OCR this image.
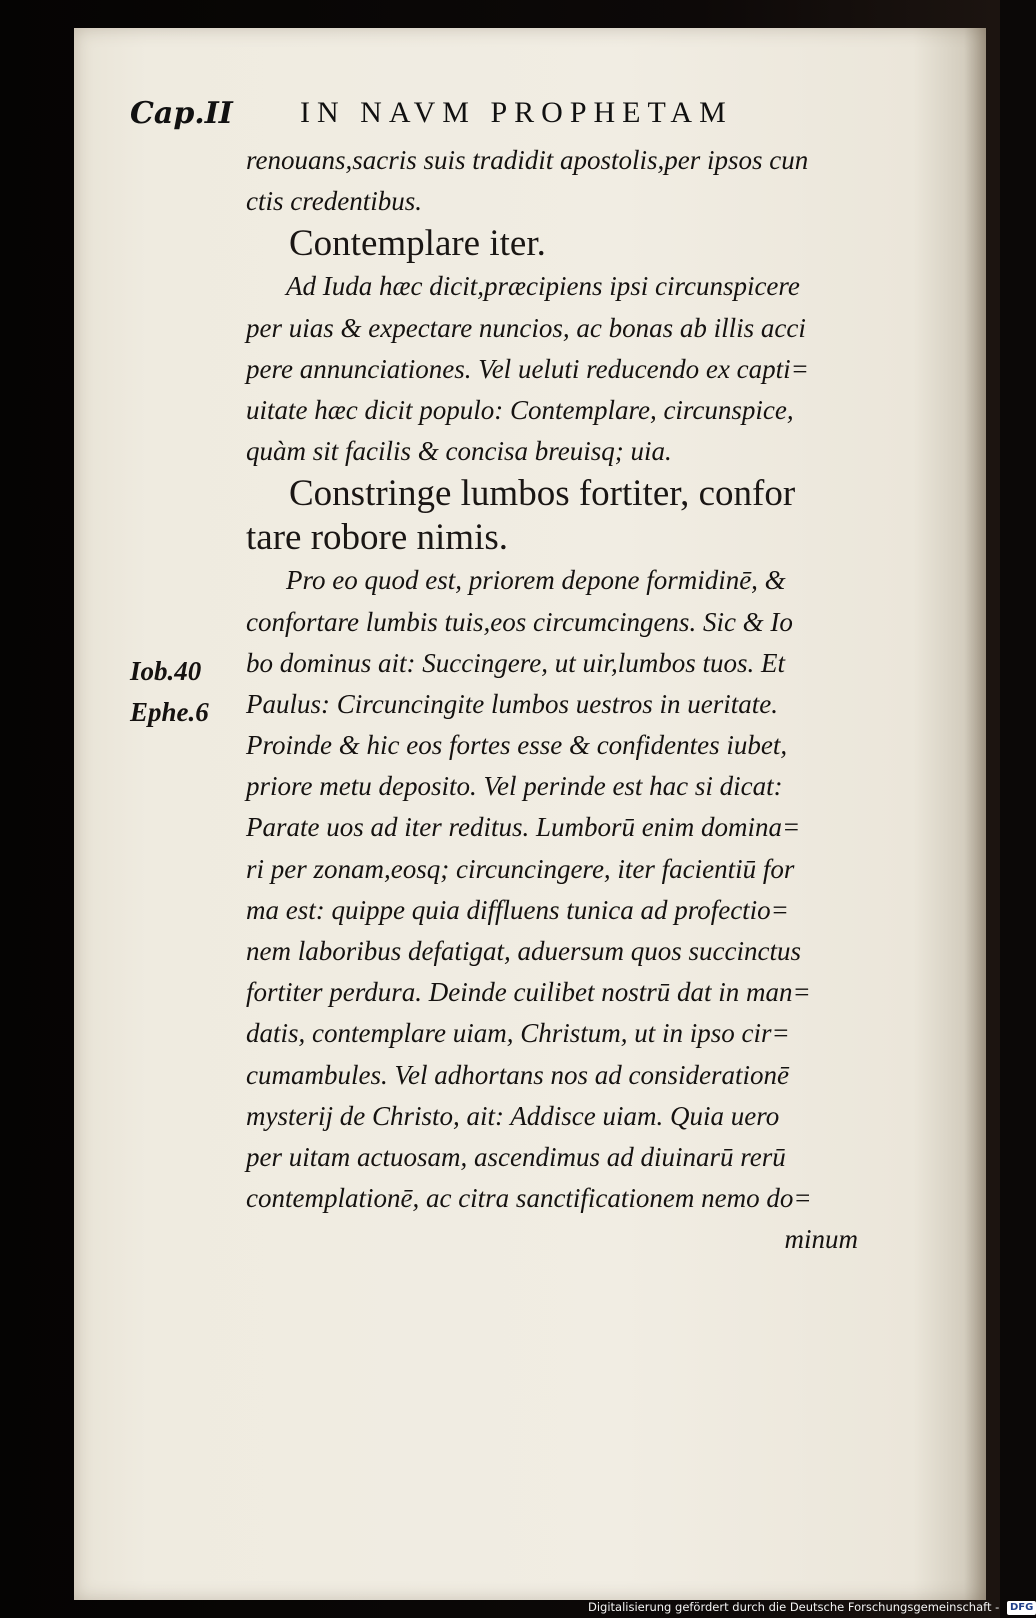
Cap.II IN NAVM PROPHETAM
Iob.40
Ephe.6
renouans,sacris suis tradidit apostolis,per ipsos cun
ctis credentibus.
Contemplare iter.
Ad Iuda hæc dicit,præcipiens ipsi circunspicere
per uias & expectare nuncios, ac bonas ab illis acci
pere annunciationes. Vel ueluti reducendo ex capti=
uitate hæc dicit populo: Contemplare, circunspice,
quàm sit facilis & concisa breuisq; uia.
Constringe lumbos fortiter, confor
tare robore nimis.
Pro eo quod est, priorem depone formidinē, &
confortare lumbis tuis,eos circumcingens. Sic & Io
bo dominus ait: Succingere, ut uir,lumbos tuos. Et
Paulus: Circuncingite lumbos uestros in ueritate.
Proinde & hic eos fortes esse & confidentes iubet,
priore metu deposito. Vel perinde est hac si dicat:
Parate uos ad iter reditus. Lumborū enim domina=
ri per zonam,eosq; circuncingere, iter facientiū for
ma est: quippe quia diffluens tunica ad profectio=
nem laboribus defatigat, aduersum quos succinctus
fortiter perdura. Deinde cuilibet nostrū dat in man=
datis, contemplare uiam, Christum, ut in ipso cir=
cumambules. Vel adhortans nos ad considerationē
mysterij de Christo, ait: Addisce uiam. Quia uero
per uitam actuosam, ascendimus ad diuinarū rerū
contemplationē, ac citra sanctificationem nemo do=
minum
Digitalisierung gefördert durch die Deutsche Forschungsgemeinschaft - DFG
